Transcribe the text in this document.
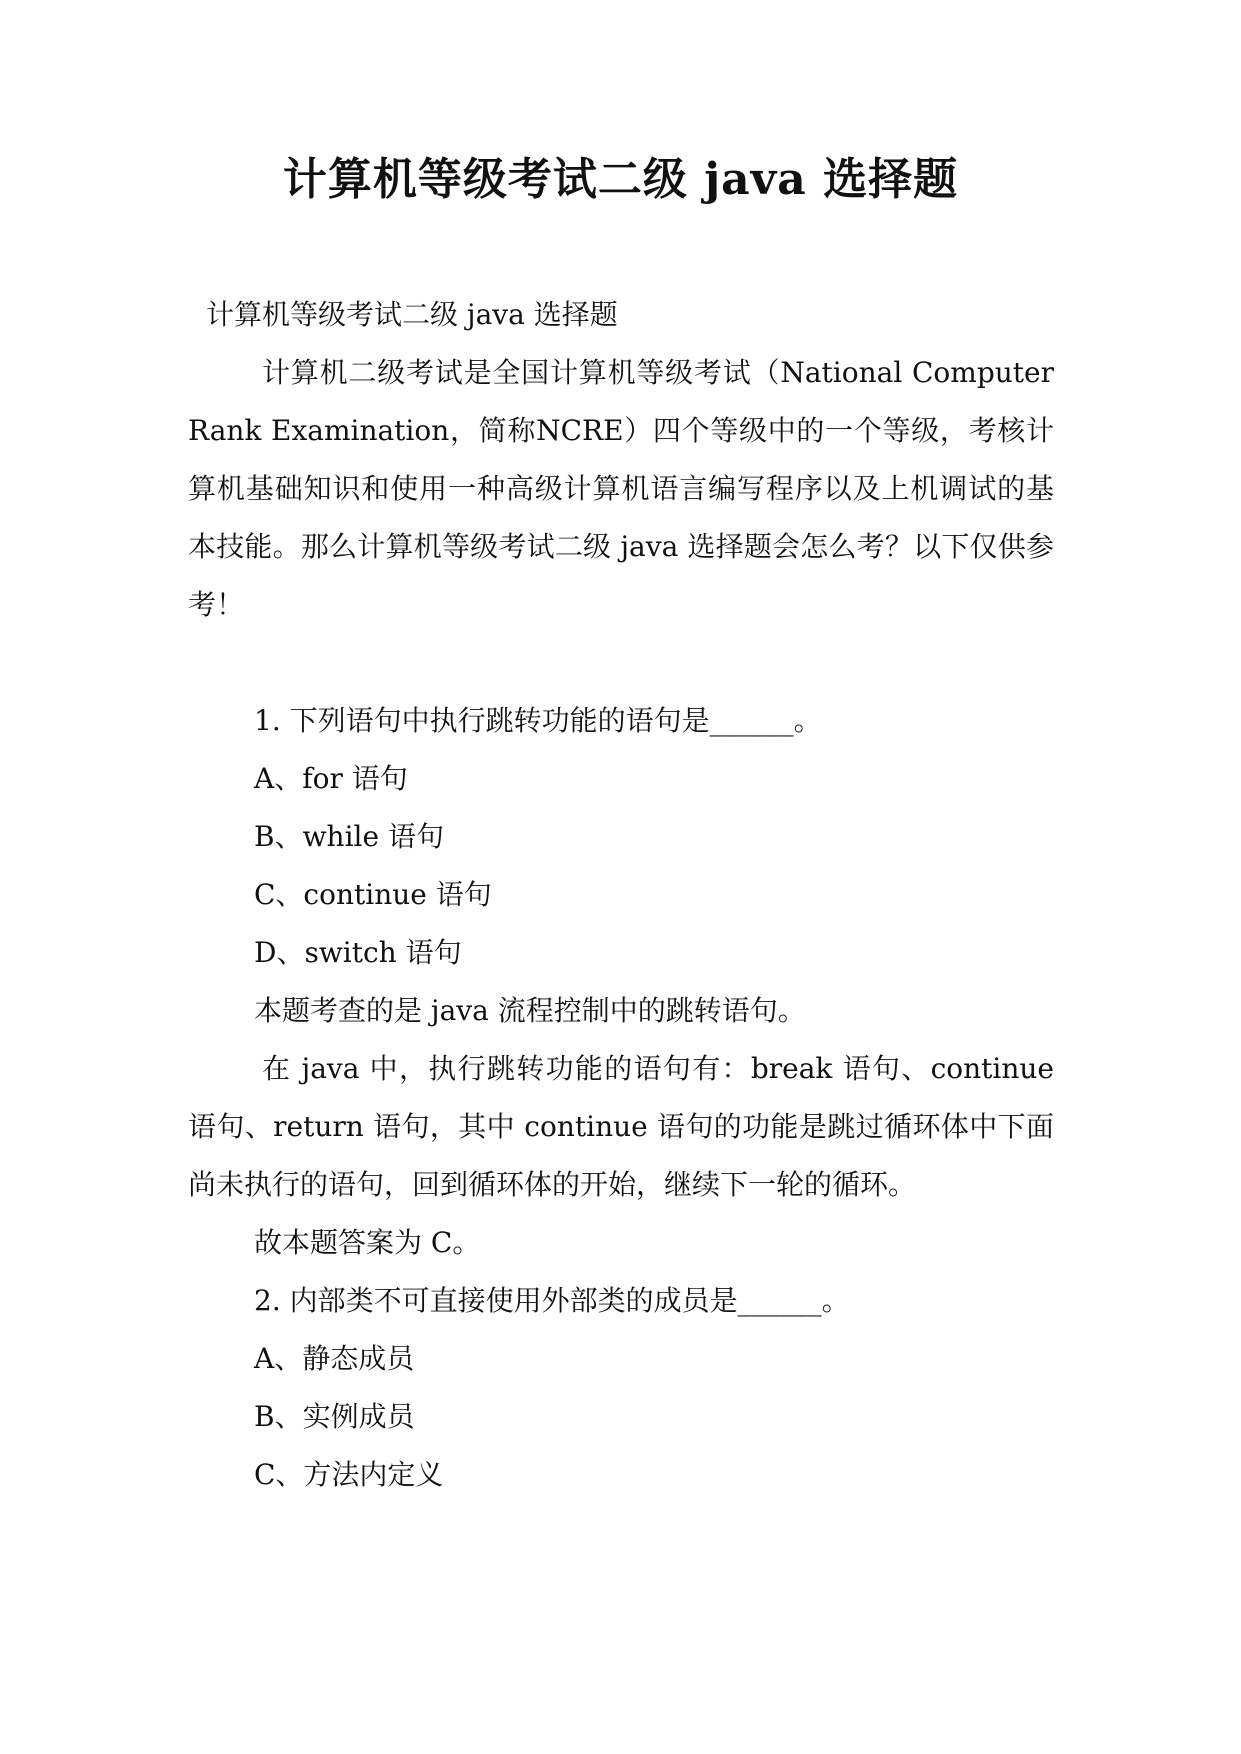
计算机等级考试二级 java 选择题

计算机等级考试二级 java 选择题

计算机二级考试是全国计算机等级考试（National Computer Rank Examination，简称NCRE）四个等级中的一个等级，考核计算机基础知识和使用一种高级计算机语言编写程序以及上机调试的基本技能。那么计算机等级考试二级 java 选择题会怎么考？以下仅供参考！

1. 下列语句中执行跳转功能的语句是______。

A、for 语句

B、while 语句

C、continue 语句

D、switch 语句

本题考查的是 java 流程控制中的跳转语句。

在 java 中，执行跳转功能的语句有：break 语句、continue 语句、return 语句，其中 continue 语句的功能是跳过循环体中下面尚未执行的语句，回到循环体的开始，继续下一轮的循环。

故本题答案为 C。

2. 内部类不可直接使用外部类的成员是______。

A、静态成员

B、实例成员

C、方法内定义
